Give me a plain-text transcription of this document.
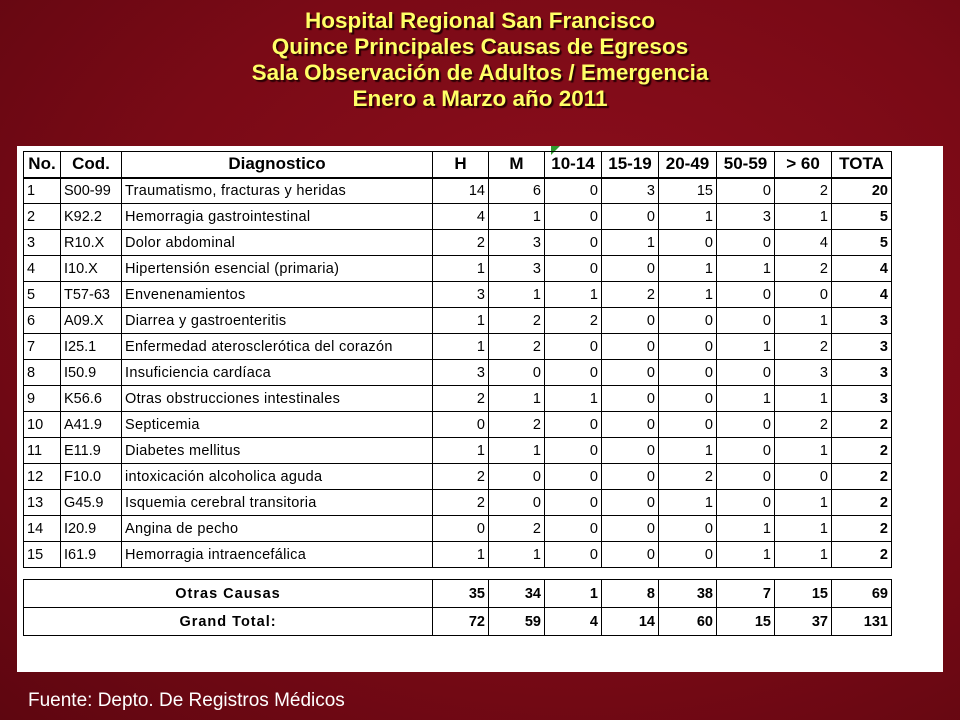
Hospital Regional San Francisco
Quince Principales Causas de Egresos
Sala Observación de Adultos / Emergencia
Enero a Marzo año 2011
No.	Cod.	Diagnostico	H	M	10-14	15-19	20-49	50-59	> 60	TOTA
1	S00-99	Traumatismo, fracturas y heridas	14	6	0	3	15	0	2	20
2	K92.2	Hemorragia gastrointestinal	4	1	0	0	1	3	1	5
3	R10.X	Dolor abdominal	2	3	0	1	0	0	4	5
4	I10.X	Hipertensión esencial (primaria)	1	3	0	0	1	1	2	4
5	T57-63	Envenenamientos	3	1	1	2	1	0	0	4
6	A09.X	Diarrea y gastroenteritis	1	2	2	0	0	0	1	3
7	I25.1	Enfermedad aterosclerótica del corazón	1	2	0	0	0	1	2	3
8	I50.9	Insuficiencia cardíaca	3	0	0	0	0	0	3	3
9	K56.6	Otras obstrucciones intestinales	2	1	1	0	0	1	1	3
10	A41.9	Septicemia	0	2	0	0	0	0	2	2
11	E11.9	Diabetes mellitus	1	1	0	0	1	0	1	2
12	F10.0	intoxicación alcoholica aguda	2	0	0	0	2	0	0	2
13	G45.9	Isquemia cerebral transitoria	2	0	0	0	1	0	1	2
14	I20.9	Angina de pecho	0	2	0	0	0	1	1	2
15	I61.9	Hemorragia intraencefálica	1	1	0	0	0	1	1	2

Otras Causas			35	34	1	8	38	7	15	69
Grand Total:			72	59	4	14	60	15	37	131
Fuente: Depto. De Registros Médicos
